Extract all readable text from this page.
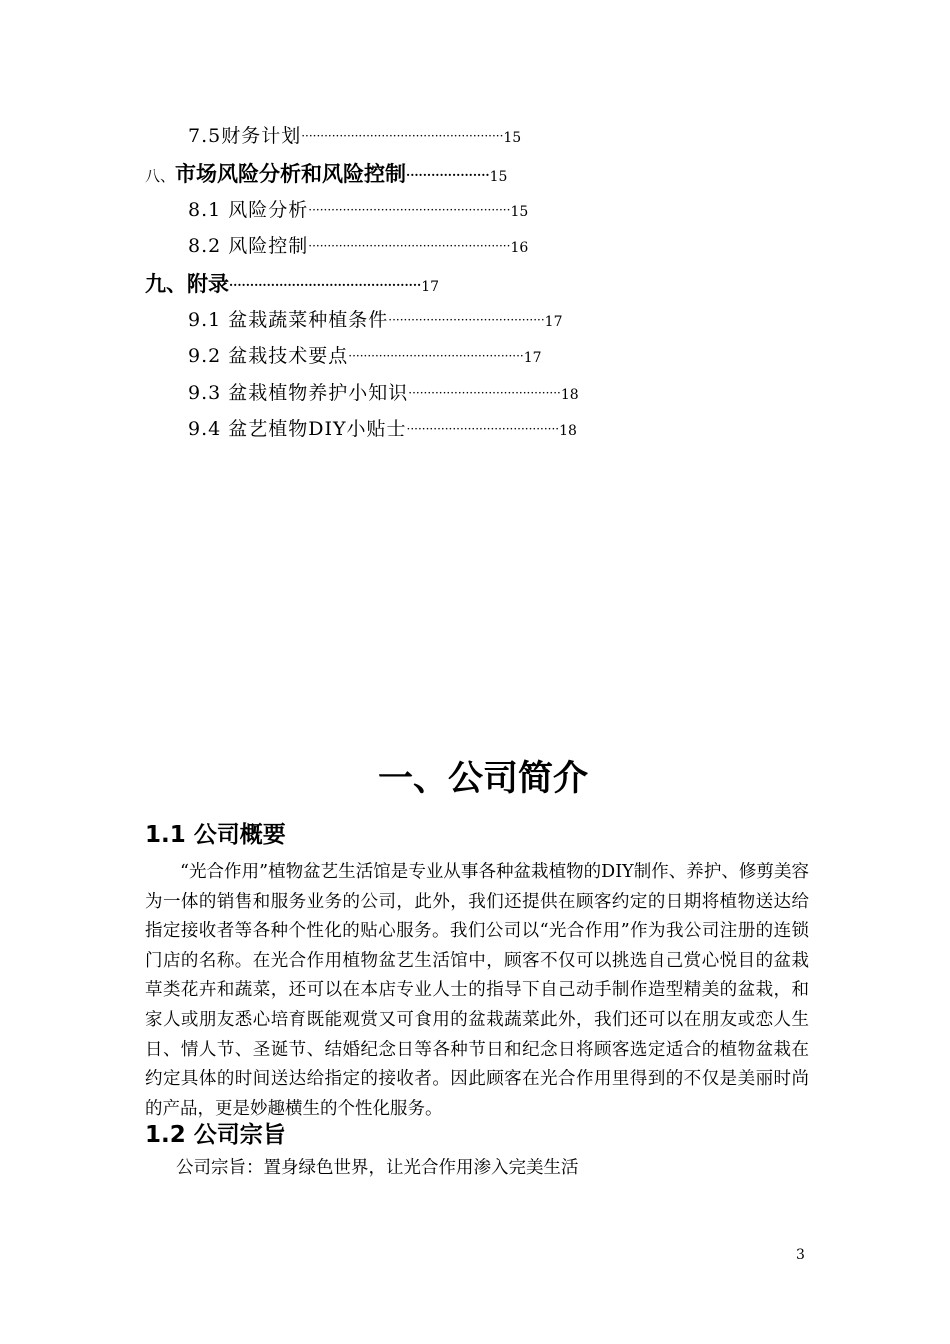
7.5财务计划·····················································15
八、市场风险分析和风险控制····················15
8.1 风险分析·····················································15
8.2 风险控制·····················································16
九、附录··············································17
9.1 盆栽蔬菜种植条件·········································17
9.2 盆栽技术要点··············································17
9.3 盆栽植物养护小知识········································18
9.4 盆艺植物DIY小贴士········································18
一、公司简介
1.1 公司概要

“光合作用”植物盆艺生活馆是专业从事各种盆栽植物的DIY制作、养护、修剪美容为一体的销售和服务业务的公司，此外，我们还提供在顾客约定的日期将植物送达给指定接收者等各种个性化的贴心服务。我们公司以“光合作用”作为我公司注册的连锁门店的名称。在光合作用植物盆艺生活馆中，顾客不仅可以挑选自己赏心悦目的盆栽草类花卉和蔬菜，还可以在本店专业人士的指导下自己动手制作造型精美的盆栽，和家人或朋友悉心培育既能观赏又可食用的盆栽蔬菜此外，我们还可以在朋友或恋人生日、情人节、圣诞节、结婚纪念日等各种节日和纪念日将顾客选定适合的植物盆栽在约定具体的时间送达给指定的接收者。因此顾客在光合作用里得到的不仅是美丽时尚的产品，更是妙趣横生的个性化服务。

1.2 公司宗旨

公司宗旨：置身绿色世界，让光合作用渗入完美生活

3
